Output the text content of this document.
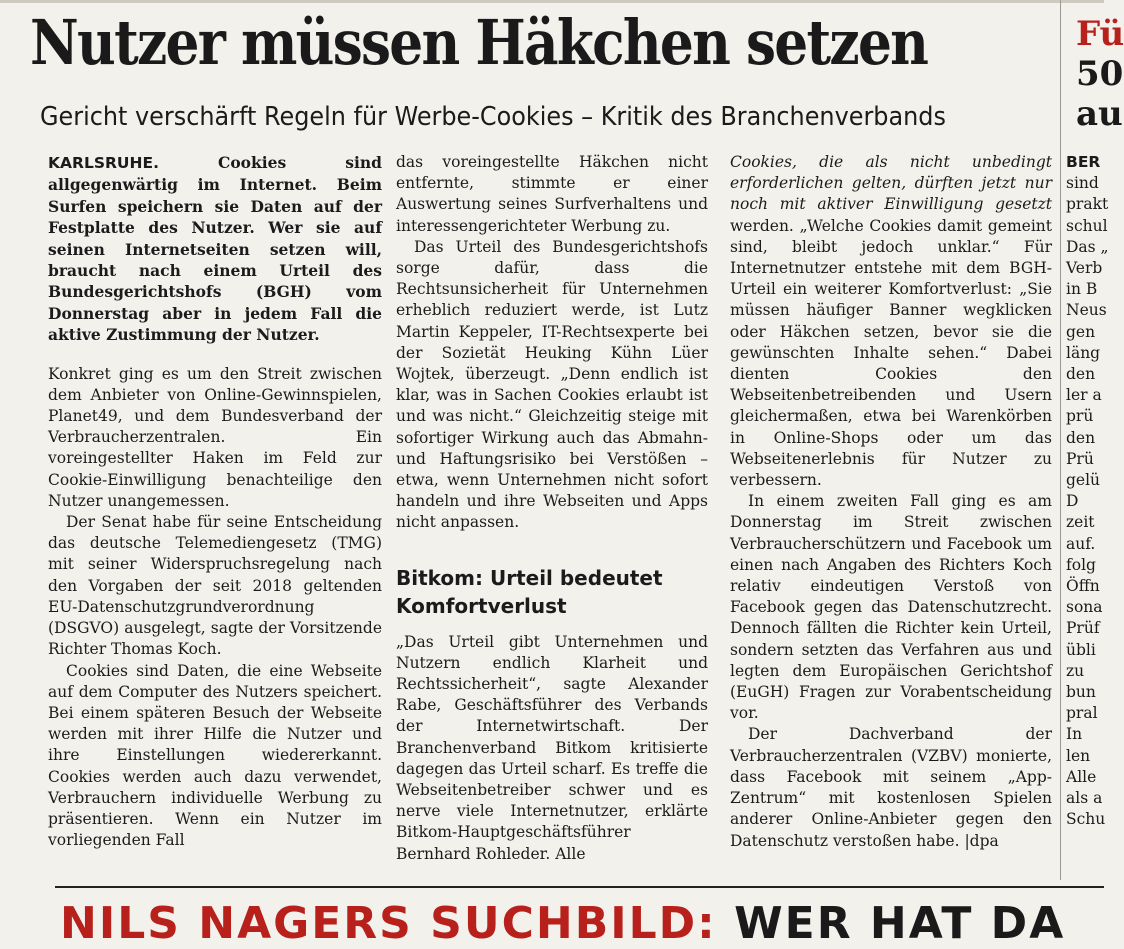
Nutzer müssen Häkchen setzen
Gericht verschärft Regeln für Werbe-Cookies – Kritik des Branchenverbands

KARLSRUHE.	Cookies sind allgegenwärtig im Internet. Beim Surfen speichern sie Daten auf der Festplatte des Nutzer. Wer sie auf seinen Internetseiten setzen will, braucht nach einem Urteil des Bundesgerichtshofs (BGH) vom Donnerstag aber in jedem Fall die aktive Zustimmung der Nutzer.

Konkret ging es um den Streit zwischen dem Anbieter von Online-Gewinnspielen, Planet49, und dem Bundesverband der Verbraucherzentralen. Ein voreingestellter Haken im Feld zur Cookie-Einwilligung benachteilige den Nutzer unangemessen.

Der Senat habe für seine Entscheidung das deutsche Telemediengesetz (TMG) mit seiner Widerspruchsregelung nach den Vorgaben der seit 2018 geltenden EU-Datenschutzgrundverordnung (DSGVO) ausgelegt, sagte der Vorsitzende Richter Thomas Koch.

Cookies sind Daten, die eine Webseite auf dem Computer des Nutzers speichert. Bei einem späteren Besuch der Webseite werden mit ihrer Hilfe die Nutzer und ihre Einstellungen wiedererkannt. Cookies werden auch dazu verwendet, Verbrauchern individuelle Werbung zu präsentieren. Wenn ein Nutzer im vorliegenden Fall

das voreingestellte Häkchen nicht entfernte, stimmte er einer Auswertung seines Surfverhaltens und interessengerichteter Werbung zu.

Das Urteil des Bundesgerichtshofs sorge dafür, dass die Rechtsunsicherheit für Unternehmen erheblich reduziert werde, ist Lutz Martin Keppeler, IT-Rechtsexperte bei der Sozietät Heuking Kühn Lüer Wojtek, überzeugt. „Denn endlich ist klar, was in Sachen Cookies erlaubt ist und was nicht.“ Gleichzeitig steige mit sofortiger Wirkung auch das Abmahn- und Haftungsrisiko bei Verstößen – etwa, wenn Unternehmen nicht sofort handeln und ihre Webseiten und Apps nicht anpassen.

Bitkom: Urteil bedeutet Komfortverlust

„Das Urteil gibt Unternehmen und Nutzern endlich Klarheit und Rechtssicherheit“, sagte Alexander Rabe, Geschäftsführer des Verbands der Internetwirtschaft. Der Branchenverband Bitkom kritisierte dagegen das Urteil scharf. Es treffe die Webseitenbetreiber schwer und es nerve viele Internetnutzer, erklärte Bitkom-Hauptgeschäftsführer Bernhard Rohleder. Alle

Cookies, die als nicht unbedingt erforderlichen gelten, dürften jetzt nur noch mit aktiver Einwilligung gesetzt werden. „Welche Cookies damit gemeint sind, bleibt jedoch unklar.“ Für Internetnutzer entstehe mit dem BGH-Urteil ein weiterer Komfortverlust: „Sie müssen häufiger Banner wegklicken oder Häkchen setzen, bevor sie die gewünschten Inhalte sehen.“ Dabei dienten Cookies den Webseitenbetreibenden und Usern gleichermaßen, etwa bei Warenkörben in Online-Shops oder um das Webseitenerlebnis für Nutzer zu verbessern.

In einem zweiten Fall ging es am Donnerstag im Streit zwischen Verbraucherschützern und Facebook um einen nach Angaben des Richters Koch relativ eindeutigen Verstoß von Facebook gegen das Datenschutzrecht. Dennoch fällten die Richter kein Urteil, sondern setzten das Verfahren aus und legten dem Europäischen Gerichtshof (EuGH) Fragen zur Vorabentscheidung vor.

Der Dachverband der Verbraucherzentralen (VZBV) monierte, dass Facebook mit seinem „App-Zentrum“ mit kostenlosen Spielen anderer Online-Anbieter gegen den Datenschutz verstoßen habe. |dpa

Fü
50
au
BER
sind
prakt
schul
Das „
Verb
in B
Neus
gen
läng
den
ler a
prü
den
Prü
gelü
D
zeit
auf.
folg
Öffn
sona
Prüf
übli
zu
bun
pral
In
len
Alle
als a
Schu
NILS NAGERS SUCHBILD: WER HAT DA
